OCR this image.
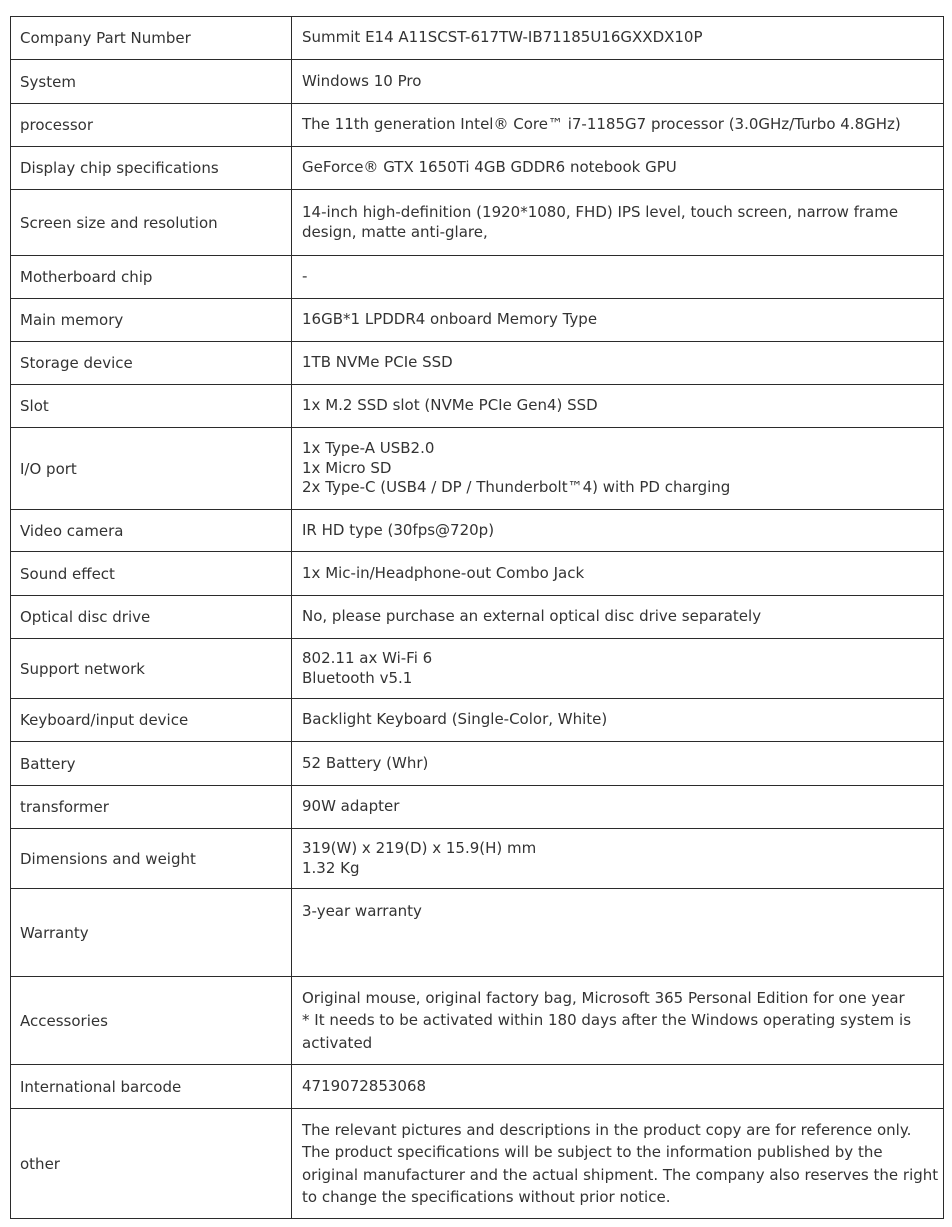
Company Part Number	Summit E14 A11SCST-617TW-IB71185U16GXXDX10P

System	Windows 10 Pro

processor	The 11th generation Intel® Core™ i7-1185G7 processor (3.0GHz/Turbo 4.8GHz)

Display chip specifications	GeForce® GTX 1650Ti 4GB GDDR6 notebook GPU

Screen size and resolution	14-inch high-definition (1920*1080, FHD) IPS level, touch screen, narrow frame design, matte anti-glare,

Motherboard chip	-

Main memory	16GB*1 LPDDR4 onboard Memory Type

Storage device	1TB NVMe PCIe SSD

Slot	1x M.2 SSD slot (NVMe PCIe Gen4) SSD

I/O port	1x Type-A USB2.0
1x Micro SD
2x Type-C (USB4 / DP / Thunderbolt™4) with PD charging

Video camera	IR HD type (30fps@720p)

Sound effect	1x Mic-in/Headphone-out Combo Jack

Optical disc drive	No, please purchase an external optical disc drive separately

Support network	802.11 ax Wi-Fi 6
Bluetooth v5.1

Keyboard/input device	Backlight Keyboard (Single-Color, White)

Battery	52 Battery (Whr)

transformer	90W adapter

Dimensions and weight	319(W) x 219(D) x 15.9(H) mm
1.32 Kg

Warranty	3-year warranty

Accessories	Original mouse, original factory bag, Microsoft 365 Personal Edition for one year
* It needs to be activated within 180 days after the Windows operating system is activated

International barcode	4719072853068

other	The relevant pictures and descriptions in the product copy are for reference only. The product specifications will be subject to the information published by the original manufacturer and the actual shipment. The company also reserves the right to change the specifications without prior notice.
